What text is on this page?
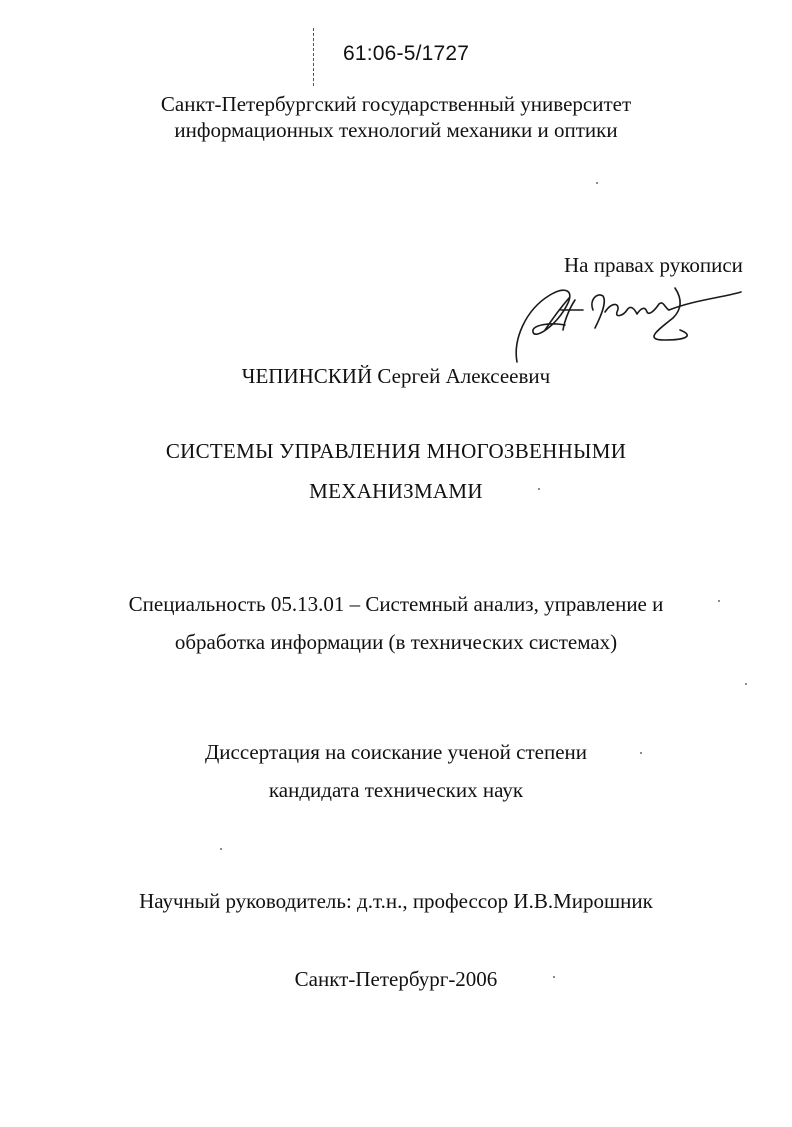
61:06-5/1727
Санкт-Петербургский государственный университет
информационных технологий механики и оптики
На правах рукописи
ЧЕПИНСКИЙ Сергей Алексеевич
СИСТЕМЫ УПРАВЛЕНИЯ МНОГОЗВЕННЫМИ
МЕХАНИЗМАМИ
Специальность 05.13.01 – Системный анализ, управление и
обработка информации (в технических системах)
Диссертация на соискание ученой степени
кандидата технических наук
Научный руководитель: д.т.н., профессор И.В.Мирошник
Санкт-Петербург-2006
